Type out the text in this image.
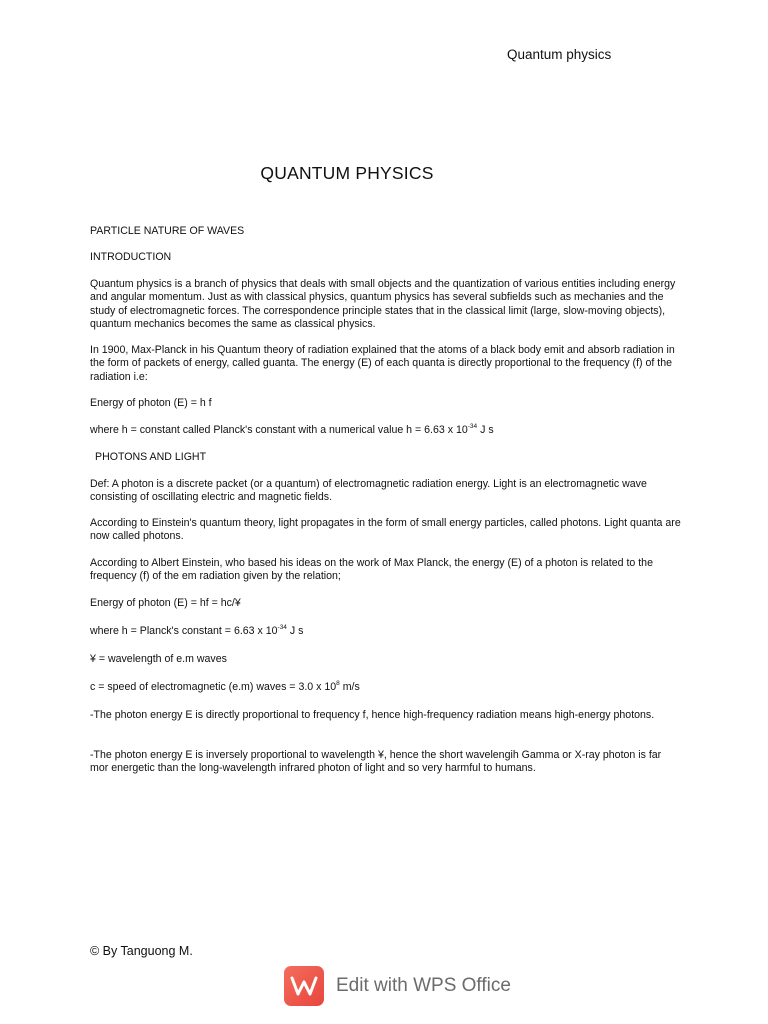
Quantum physics
QUANTUM PHYSICS
PARTICLE NATURE OF WAVES
INTRODUCTION
Quantum physics is a branch of physics that deals with small objects and the quantization of various entities including energy and angular momentum. Just as with classical physics, quantum physics has several subfields such as mechanies and the study of electromagnetic forces. The correspondence principle states that in the classical limit (large, slow-moving objects), quantum mechanics becomes the same as classical physics.
In 1900, Max-Planck in his Quantum theory of radiation explained that the atoms of a black body emit and absorb radiation in the form of packets of energy, called guanta. The energy (E) of each quanta is directly proportional to the frequency (f) of the radiation i.e:
Energy of photon (E) = h f
where h = constant called Planck's constant with a numerical value h = 6.63 x $10^{-34}$ J s
PHOTONS AND LIGHT
Def: A photon is a discrete packet (or a quantum) of electromagnetic radiation energy. Light is an electromagnetic wave consisting of oscillating electric and magnetic fields.
According to Einstein's quantum theory, light propagates in the form of small energy particles, called photons. Light quanta are now called photons.
According to Albert Einstein, who based his ideas on the work of Max Planck, the energy (E) of a photon is related to the frequency (f) of the em radiation given by the relation;
Energy of photon (E) = hf = hc/¥
where h = Planck's constant = 6.63 x $10^{-34}$ J s
¥ = wavelength of e.m waves
c = speed of electromagnetic (e.m) waves = 3.0 x $10^8$ m/s
-The photon energy E is directly proportional to frequency f, hence high-frequency radiation means high-energy photons.
-The photon energy E is inversely proportional to wavelength ¥, hence the short wavelengih Gamma or X-ray photon is far mor energetic than the long-wavelength infrared photon of light and so very harmful to humans.
© By Tanguong M.
Edit with WPS Office
